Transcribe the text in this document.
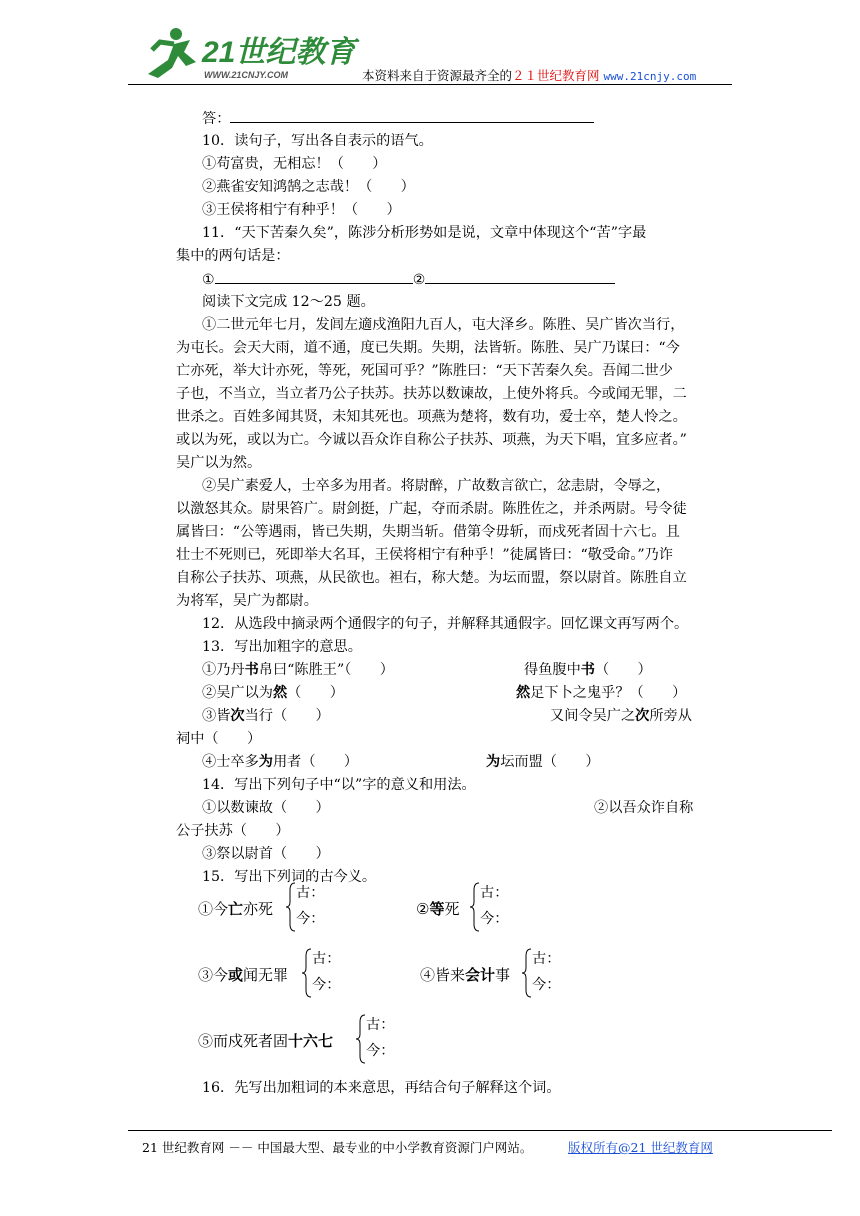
21世纪教育
WWW.21CNJY.COM	本资料来自于资源最齐全的２１世纪教育网 www.21cnjy.com
答：
10．读句子，写出各自表示的语气。
①苟富贵，无相忘！（　　）
②燕雀安知鸿鹄之志哉！（　　）
③王侯将相宁有种乎！（　　）
11．“天下苦秦久矣”，陈涉分析形势如是说，文章中体现这个“苦”字最
集中的两句话是：
①	②
阅读下文完成 12～25 题。
①二世元年七月，发闾左適戍渔阳九百人，屯大泽乡。陈胜、吴广皆次当行，
为屯长。会天大雨，道不通，度已失期。失期，法皆斩。陈胜、吴广乃谋曰：“今
亡亦死，举大计亦死，等死，死国可乎？”陈胜曰：“天下苦秦久矣。吾闻二世少
子也，不当立，当立者乃公子扶苏。扶苏以数谏故，上使外将兵。今或闻无罪，二
世杀之。百姓多闻其贤，未知其死也。项燕为楚将，数有功，爱士卒，楚人怜之。
或以为死，或以为亡。今诚以吾众诈自称公子扶苏、项燕，为天下唱，宜多应者。”
吴广以为然。
②吴广素爱人，士卒多为用者。将尉醉，广故数言欲亡，忿恚尉，令辱之，
以激怒其众。尉果笞广。尉剑挺，广起，夺而杀尉。陈胜佐之，并杀两尉。号令徒
属皆曰：“公等遇雨，皆已失期，失期当斩。借第令毋斩，而戍死者固十六七。且
壮士不死则已，死即举大名耳，王侯将相宁有种乎！”徒属皆曰：“敬受命。”乃诈
自称公子扶苏、项燕，从民欲也。袒右，称大楚。为坛而盟，祭以尉首。陈胜自立
为将军，吴广为都尉。
12．从选段中摘录两个通假字的句子，并解释其通假字。回忆课文再写两个。
13．写出加粗字的意思。
①乃丹书帛曰“陈胜王”（　　）	得鱼腹中书（　　）
②吴广以为然（　　）	然足下卜之鬼乎？（　　）
③皆次当行（　　）	又间令吴广之次所旁从
祠中（　　）
④士卒多为用者（　　）	为坛而盟（　　）
14．写出下列句子中“以”字的意义和用法。
①以数谏故（　　）	②以吾众诈自称
公子扶苏（　　）
③祭以尉首（　　）
15．写出下列词的古今义。
①今亡亦死
古：
今：
②等死
古：
今：
③今或闻无罪
古：
今：
④皆来会计事
古：
今：
⑤而戍死者固十六七
古：
今：
16．先写出加粗词的本来意思，再结合句子解释这个词。
21 世纪教育网 －－ 中国最大型、最专业的中小学教育资源门户网站。	版权所有@21 世纪教育网
